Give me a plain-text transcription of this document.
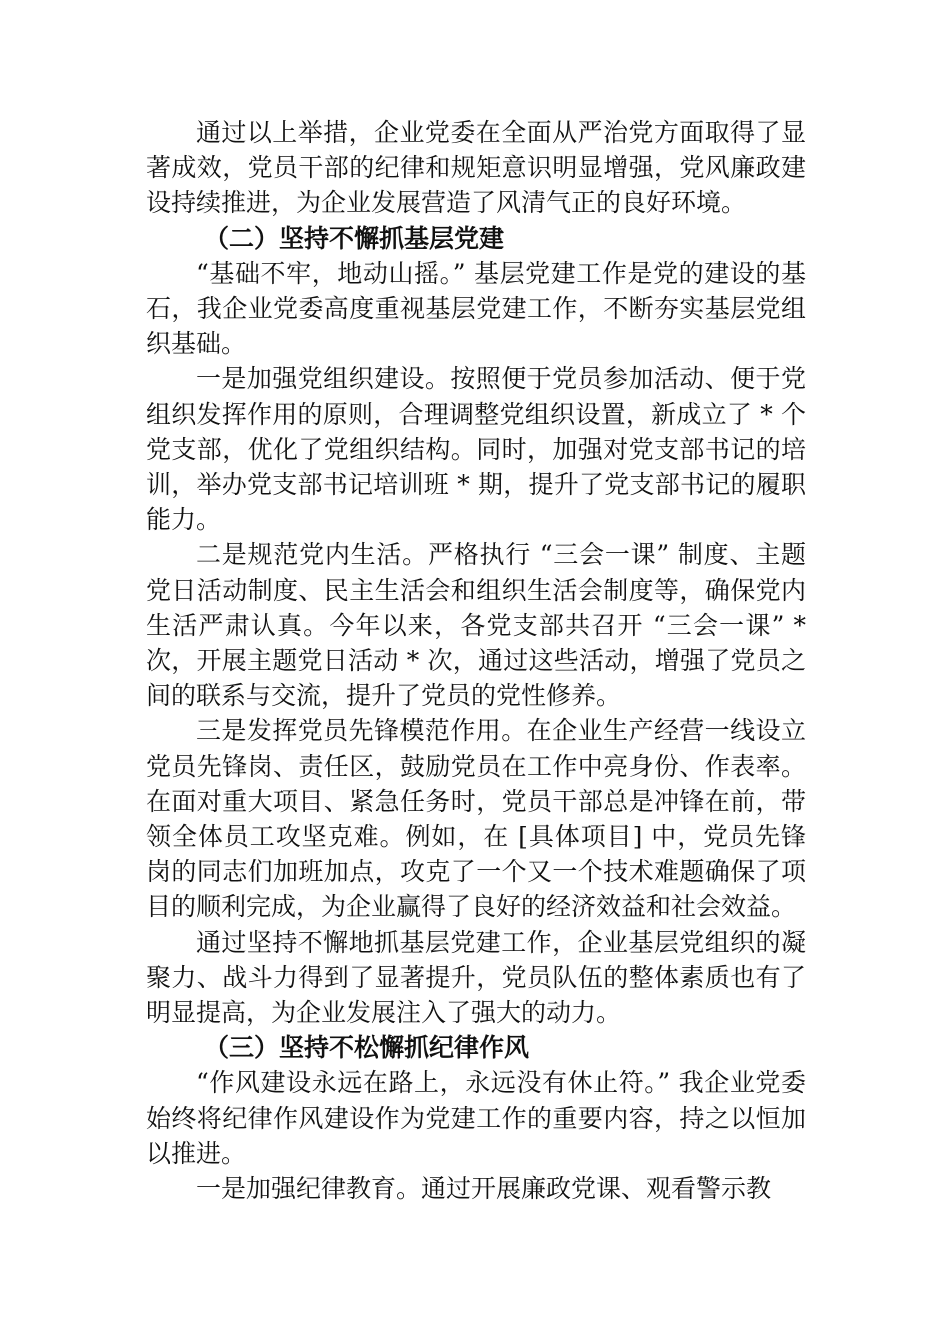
通过以上举措，企业党委在全面从严治党方面取得了显著成效，党员干部的纪律和规矩意识明显增强，党风廉政建设持续推进，为企业发展营造了风清气正的良好环境。

（二）坚持不懈抓基层党建

“基础不牢，地动山摇。” 基层党建工作是党的建设的基石，我企业党委高度重视基层党建工作，不断夯实基层党组织基础。

一是加强党组织建设。按照便于党员参加活动、便于党组织发挥作用的原则，合理调整党组织设置，新成立了 * 个党支部，优化了党组织结构。同时，加强对党支部书记的培训，举办党支部书记培训班 * 期，提升了党支部书记的履职能力。

二是规范党内生活。严格执行 “三会一课” 制度、主题党日活动制度、民主生活会和组织生活会制度等，确保党内生活严肃认真。今年以来，各党支部共召开 “三会一课” * 次，开展主题党日活动 * 次，通过这些活动，增强了党员之间的联系与交流，提升了党员的党性修养。

三是发挥党员先锋模范作用。在企业生产经营一线设立党员先锋岗、责任区，鼓励党员在工作中亮身份、作表率。在面对重大项目、紧急任务时，党员干部总是冲锋在前，带领全体员工攻坚克难。例如，在 [具体项目] 中，党员先锋岗的同志们加班加点，攻克了一个又一个技术难题确保了项目的顺利完成，为企业赢得了良好的经济效益和社会效益。

通过坚持不懈地抓基层党建工作，企业基层党组织的凝聚力、战斗力得到了显著提升，党员队伍的整体素质也有了明显提高，为企业发展注入了强大的动力。

（三）坚持不松懈抓纪律作风

“作风建设永远在路上，永远没有休止符。” 我企业党委始终将纪律作风建设作为党建工作的重要内容，持之以恒加以推进。

一是加强纪律教育。通过开展廉政党课、观看警示教
